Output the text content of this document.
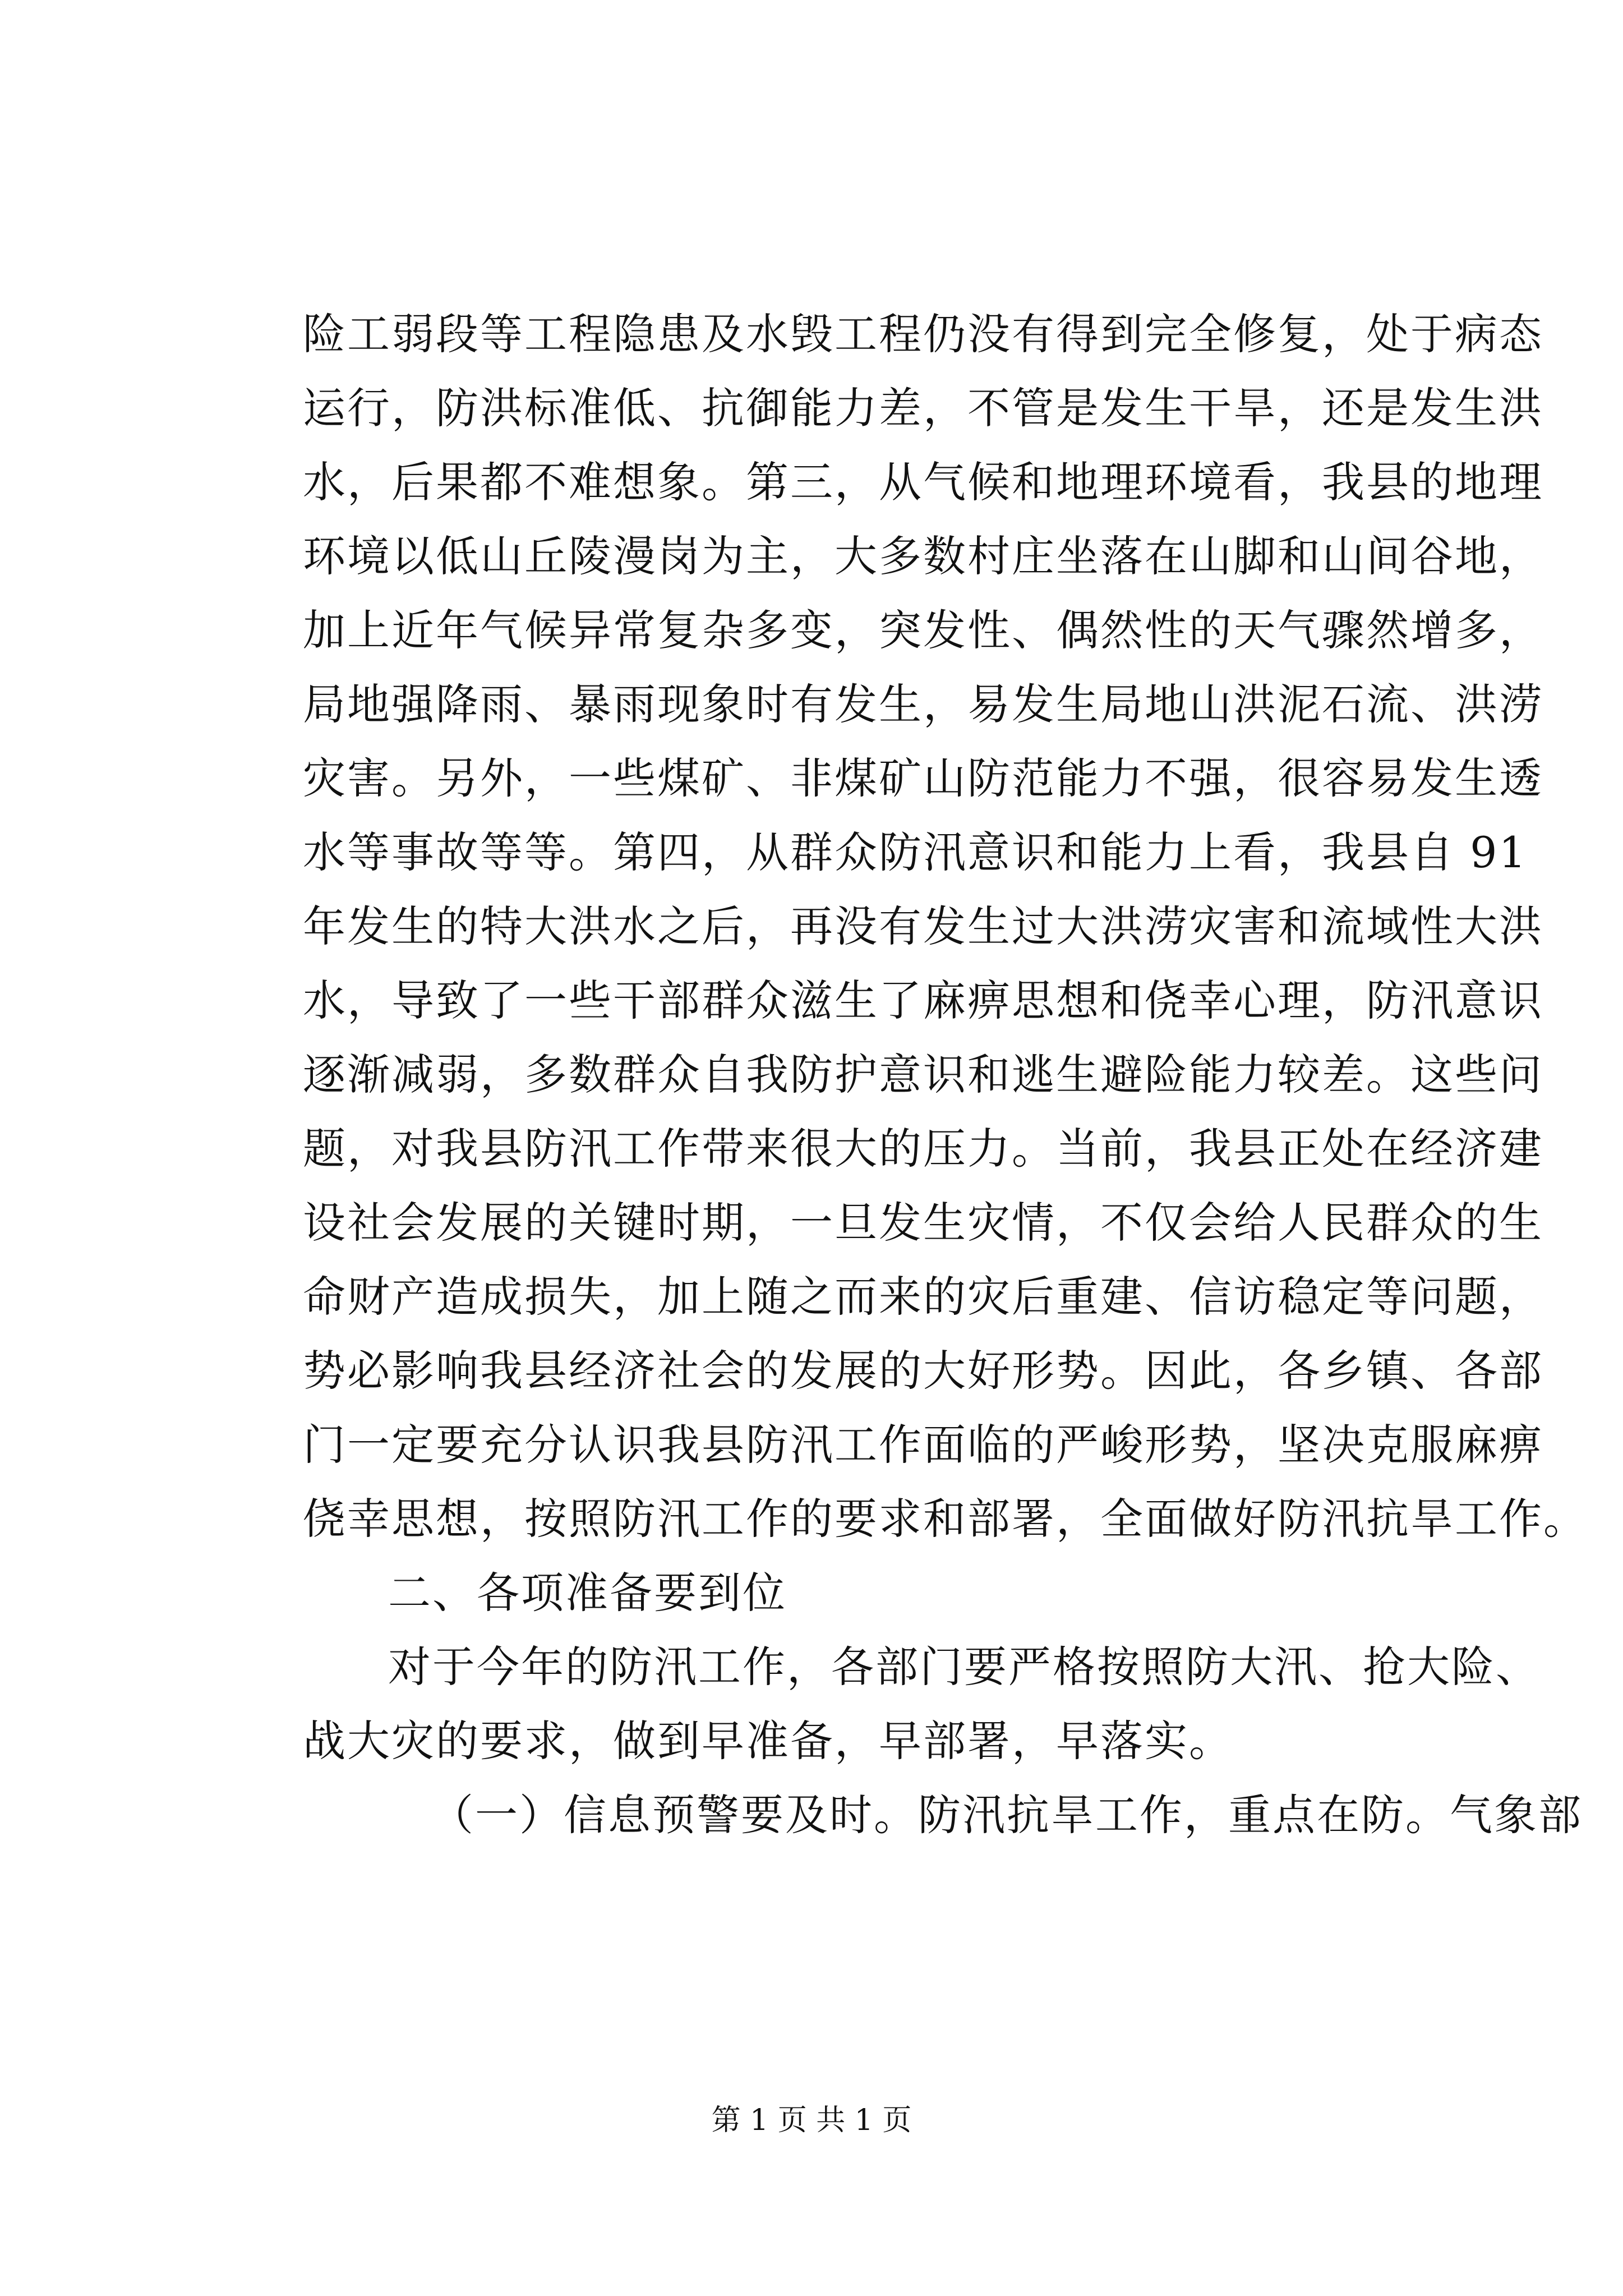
险工弱段等工程隐患及水毁工程仍没有得到完全修复，处于病态
运行，防洪标准低、抗御能力差，不管是发生干旱，还是发生洪
水，后果都不难想象。第三，从气候和地理环境看，我县的地理
环境以低山丘陵漫岗为主，大多数村庄坐落在山脚和山间谷地，
加上近年气候异常复杂多变，突发性、偶然性的天气骤然增多，
局地强降雨、暴雨现象时有发生，易发生局地山洪泥石流、洪涝
灾害。另外，一些煤矿、非煤矿山防范能力不强，很容易发生透
水等事故等等。第四，从群众防汛意识和能力上看，我县自 91
年发生的特大洪水之后，再没有发生过大洪涝灾害和流域性大洪
水，导致了一些干部群众滋生了麻痹思想和侥幸心理，防汛意识
逐渐减弱，多数群众自我防护意识和逃生避险能力较差。这些问
题，对我县防汛工作带来很大的压力。当前，我县正处在经济建
设社会发展的关键时期，一旦发生灾情，不仅会给人民群众的生
命财产造成损失，加上随之而来的灾后重建、信访稳定等问题，
势必影响我县经济社会的发展的大好形势。因此，各乡镇、各部
门一定要充分认识我县防汛工作面临的严峻形势，坚决克服麻痹
侥幸思想，按照防汛工作的要求和部署，全面做好防汛抗旱工作。
二、各项准备要到位
对于今年的防汛工作，各部门要严格按照防大汛、抢大险、
战大灾的要求，做到早准备，早部署，早落实。
（一）信息预警要及时。防汛抗旱工作，重点在防。气象部
第 1 页 共 1 页
